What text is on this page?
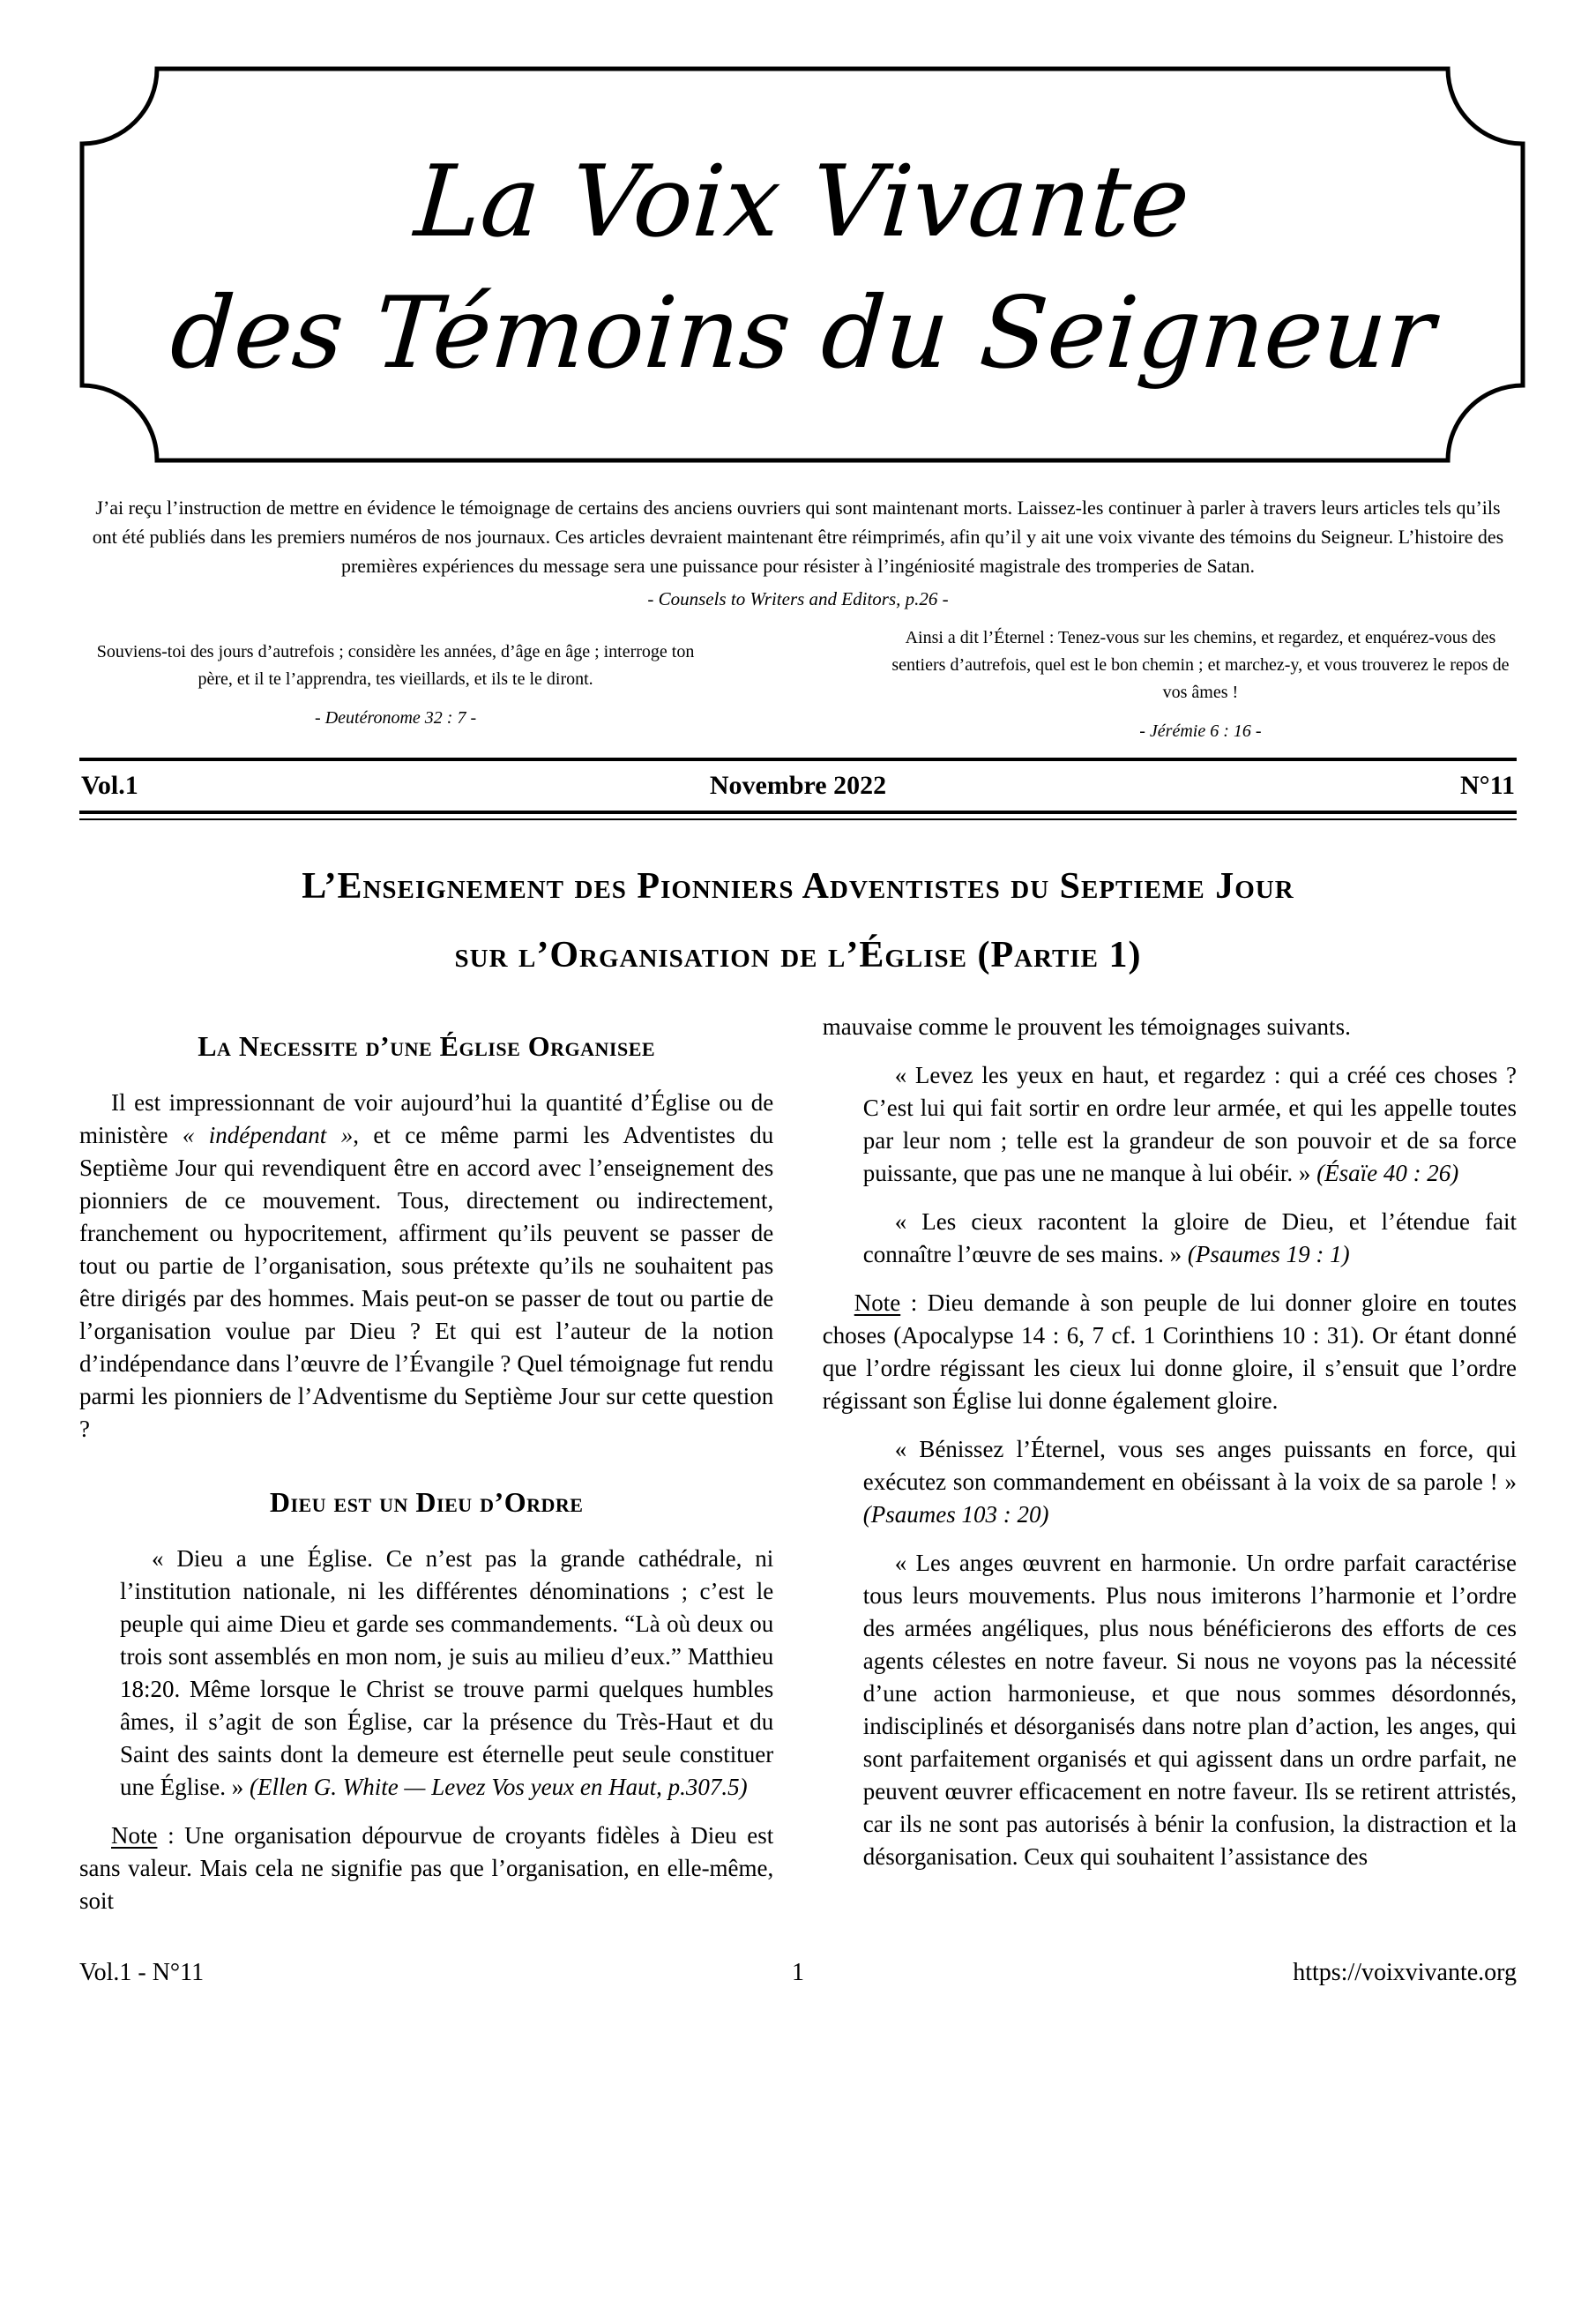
La Voix Vivante
des Témoins du Seigneur

J’ai reçu l’instruction de mettre en évidence le témoignage de certains des anciens ouvriers qui sont maintenant morts. Laissez-les continuer à parler à travers leurs articles tels qu’ils ont été publiés dans les premiers numéros de nos journaux. Ces articles devraient maintenant être réimprimés, afin qu’il y ait une voix vivante des témoins du Seigneur. L’histoire des premières expériences du message sera une puissance pour résister à l’ingéniosité magistrale des tromperies de Satan.

- Counsels to Writers and Editors, p.26 -

Souviens-toi des jours d’autrefois ; considère les années, d’âge en âge ; interroge ton père, et il te l’apprendra, tes vieillards, et ils te le diront.
- Deutéronome 32 : 7 -
Ainsi a dit l’Éternel : Tenez-vous sur les chemins, et regardez, et enquérez-vous des sentiers d’autrefois, quel est le bon chemin ; et marchez-y, et vous trouverez le repos de vos âmes !
- Jérémie 6 : 16 -
Vol.1	Novembre 2022	N°11
L’Enseignement des Pionniers Adventistes du Septieme Jour
sur l’Organisation de l’Église (Partie 1)
La Necessite d’une Église Organisee

Il est impressionnant de voir aujourd’hui la quantité d’Église ou de ministère « indépendant », et ce même parmi les Adventistes du Septième Jour qui revendiquent être en accord avec l’enseignement des pionniers de ce mouvement. Tous, directement ou indirectement, franchement ou hypocritement, affirment qu’ils peuvent se passer de tout ou partie de l’organisation, sous prétexte qu’ils ne souhaitent pas être dirigés par des hommes. Mais peut-on se passer de tout ou partie de l’organisation voulue par Dieu ? Et qui est l’auteur de la notion d’indépendance dans l’œuvre de l’Évangile ? Quel témoignage fut rendu parmi les pionniers de l’Adventisme du Septième Jour sur cette question ?

Dieu est un Dieu d’Ordre

« Dieu a une Église. Ce n’est pas la grande cathédrale, ni l’institution nationale, ni les différentes dénominations ; c’est le peuple qui aime Dieu et garde ses commandements. “Là où deux ou trois sont assemblés en mon nom, je suis au milieu d’eux.” Matthieu 18:20. Même lorsque le Christ se trouve parmi quelques humbles âmes, il s’agit de son Église, car la présence du Très-Haut et du Saint des saints dont la demeure est éternelle peut seule constituer une Église. » (Ellen G. White — Levez Vos yeux en Haut, p.307.5)

Note : Une organisation dépourvue de croyants fidèles à Dieu est sans valeur. Mais cela ne signifie pas que l’organisation, en elle-même, soit

mauvaise comme le prouvent les témoignages suivants.

« Levez les yeux en haut, et regardez : qui a créé ces choses ? C’est lui qui fait sortir en ordre leur armée, et qui les appelle toutes par leur nom ; telle est la grandeur de son pouvoir et de sa force puissante, que pas une ne manque à lui obéir. » (Ésaïe 40 : 26)

« Les cieux racontent la gloire de Dieu, et l’étendue fait connaître l’œuvre de ses mains. » (Psaumes 19 : 1)

Note : Dieu demande à son peuple de lui donner gloire en toutes choses (Apocalypse 14 : 6, 7 cf. 1 Corinthiens 10 : 31). Or étant donné que l’ordre régissant les cieux lui donne gloire, il s’ensuit que l’ordre régissant son Église lui donne également gloire.

« Bénissez l’Éternel, vous ses anges puissants en force, qui exécutez son commandement en obéissant à la voix de sa parole ! » (Psaumes 103 : 20)

« Les anges œuvrent en harmonie. Un ordre parfait caractérise tous leurs mouvements. Plus nous imiterons l’harmonie et l’ordre des armées angéliques, plus nous bénéficierons des efforts de ces agents célestes en notre faveur. Si nous ne voyons pas la nécessité d’une action harmonieuse, et que nous sommes désordonnés, indisciplinés et désorganisés dans notre plan d’action, les anges, qui sont parfaitement organisés et qui agissent dans un ordre parfait, ne peuvent œuvrer efficacement en notre faveur. Ils se retirent attristés, car ils ne sont pas autorisés à bénir la confusion, la distraction et la désorganisation. Ceux qui souhaitent l’assistance des

Vol.1 - N°11	1	https://voixvivante.org
